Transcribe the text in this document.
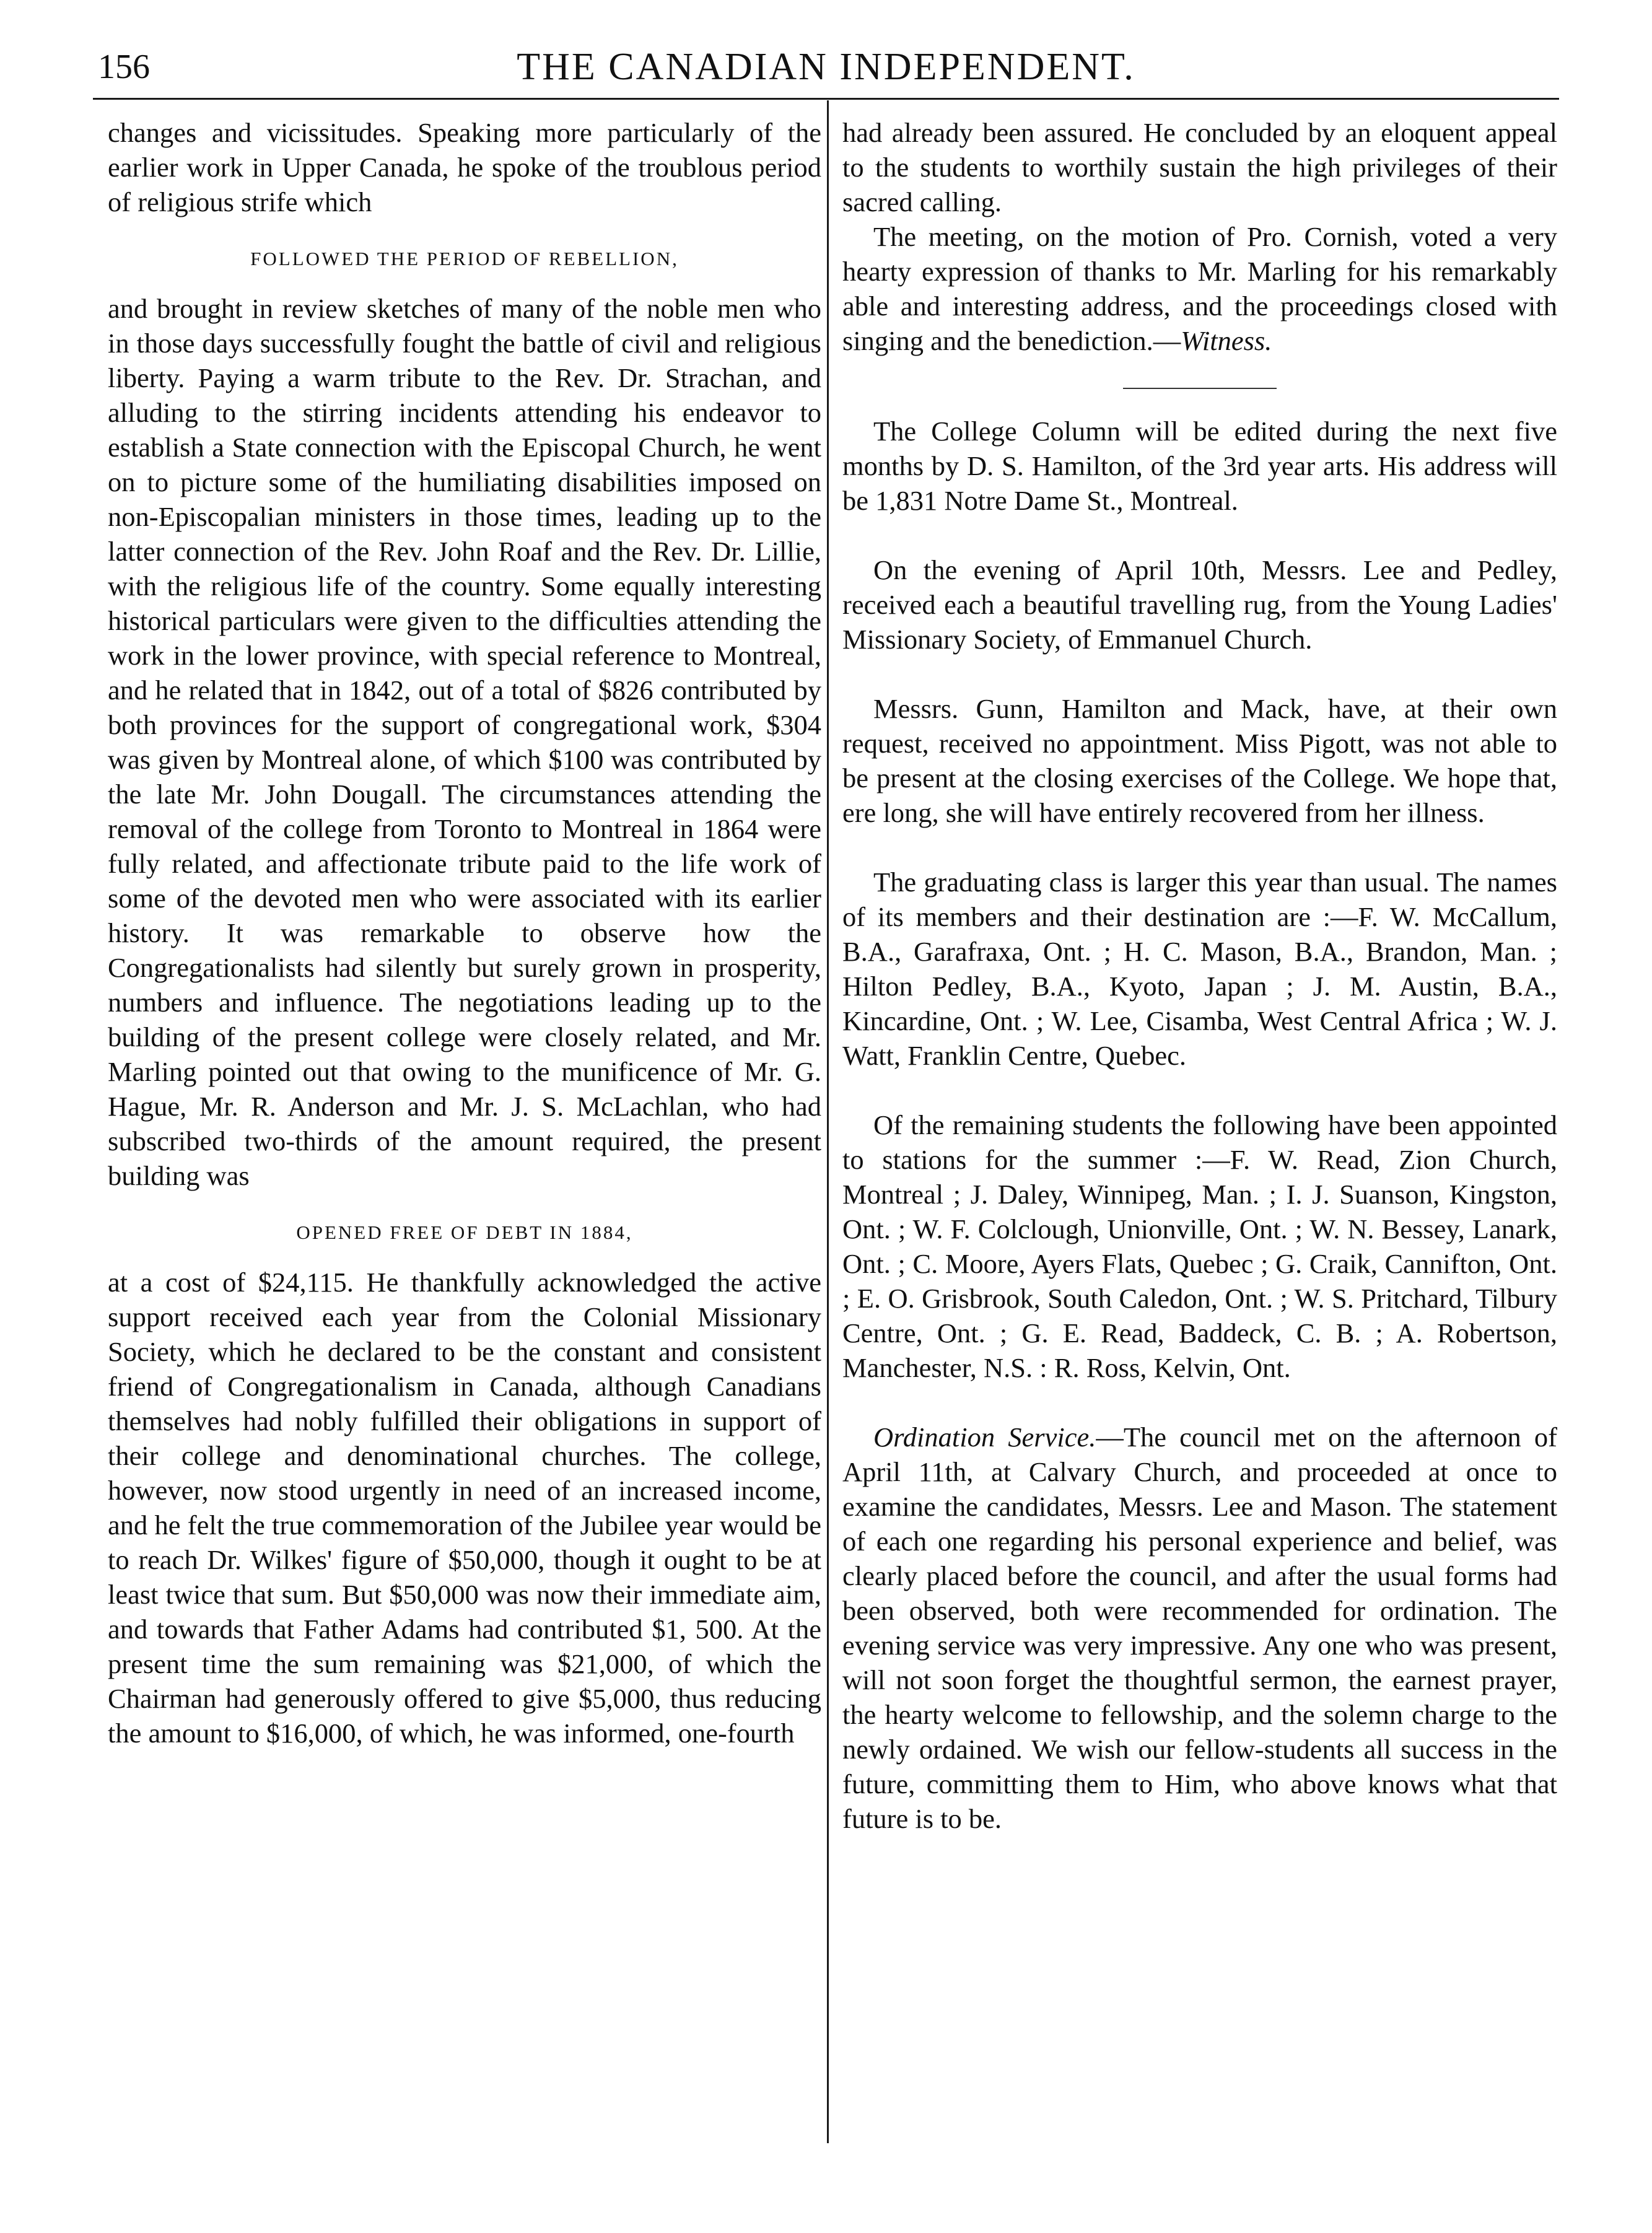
156	THE CANADIAN INDEPENDENT.

changes and vicissitudes. Speaking more particularly of the earlier work in Upper Canada, he spoke of the troublous period of religious strife which

FOLLOWED THE PERIOD OF REBELLION,

and brought in review sketches of many of the noble men who in those days successfully fought the battle of civil and religious liberty. Paying a warm tribute to the Rev. Dr. Strachan, and alluding to the stirring incidents attending his endeavor to establish a State connection with the Episcopal Church, he went on to picture some of the humiliating disabilities imposed on non-Episcopalian ministers in those times, leading up to the latter connection of the Rev. John Roaf and the Rev. Dr. Lillie, with the religious life of the country. Some equally interesting historical particulars were given to the difficulties attending the work in the lower province, with special reference to Montreal, and he related that in 1842, out of a total of $826 contributed by both provinces for the support of congregational work, $304 was given by Montreal alone, of which $100 was contributed by the late Mr. John Dougall. The circumstances attending the removal of the college from Toronto to Montreal in 1864 were fully related, and affectionate tribute paid to the life work of some of the devoted men who were associated with its earlier history. It was remarkable to observe how the Congregationalists had silently but surely grown in prosperity, numbers and influence. The negotiations leading up to the building of the present college were closely related, and Mr. Marling pointed out that owing to the munificence of Mr. G. Hague, Mr. R. Anderson and Mr. J. S. McLachlan, who had subscribed two-thirds of the amount required, the present building was

OPENED FREE OF DEBT IN 1884,

at a cost of $24,115. He thankfully acknowledged the active support received each year from the Colonial Missionary Society, which he declared to be the constant and consistent friend of Congregationalism in Canada, although Canadians themselves had nobly fulfilled their obligations in support of their college and denominational churches. The college, however, now stood urgently in need of an increased income, and he felt the true commemoration of the Jubilee year would be to reach Dr. Wilkes' figure of $50,000, though it ought to be at least twice that sum. But $50,000 was now their immediate aim, and towards that Father Adams had contributed $1, 500. At the present time the sum remaining was $21,000, of which the Chairman had generously offered to give $5,000, thus reducing the amount to $16,000, of which, he was informed, one-fourth

had already been assured. He concluded by an eloquent appeal to the students to worthily sustain the high privileges of their sacred calling.

The meeting, on the motion of Pro. Cornish, voted a very hearty expression of thanks to Mr. Marling for his remarkably able and interesting address, and the proceedings closed with singing and the benediction.—Witness.

The College Column will be edited during the next five months by D. S. Hamilton, of the 3rd year arts. His address will be 1,831 Notre Dame St., Montreal.

On the evening of April 10th, Messrs. Lee and Pedley, received each a beautiful travelling rug, from the Young Ladies' Missionary Society, of Emmanuel Church.

Messrs. Gunn, Hamilton and Mack, have, at their own request, received no appointment. Miss Pigott, was not able to be present at the closing exercises of the College. We hope that, ere long, she will have entirely recovered from her illness.

The graduating class is larger this year than usual. The names of its members and their destination are :—F. W. McCallum, B.A., Garafraxa, Ont. ; H. C. Mason, B.A., Brandon, Man. ; Hilton Pedley, B.A., Kyoto, Japan ; J. M. Austin, B.A., Kincardine, Ont. ; W. Lee, Cisamba, West Central Africa ; W. J. Watt, Franklin Centre, Quebec.

Of the remaining students the following have been appointed to stations for the summer :—F. W. Read, Zion Church, Montreal ; J. Daley, Winnipeg, Man. ; I. J. Suanson, Kingston, Ont. ; W. F. Colclough, Unionville, Ont. ; W. N. Bessey, Lanark, Ont. ; C. Moore, Ayers Flats, Quebec ; G. Craik, Cannifton, Ont. ; E. O. Grisbrook, South Caledon, Ont. ; W. S. Pritchard, Tilbury Centre, Ont. ; G. E. Read, Baddeck, C. B. ; A. Robertson, Manchester, N.S. : R. Ross, Kelvin, Ont.

Ordination Service.—The council met on the afternoon of April 11th, at Calvary Church, and proceeded at once to examine the candidates, Messrs. Lee and Mason. The statement of each one regarding his personal experience and belief, was clearly placed before the council, and after the usual forms had been observed, both were recommended for ordination. The evening service was very impressive. Any one who was present, will not soon forget the thoughtful sermon, the earnest prayer, the hearty welcome to fellowship, and the solemn charge to the newly ordained. We wish our fellow-students all success in the future, committing them to Him, who above knows what that future is to be.
